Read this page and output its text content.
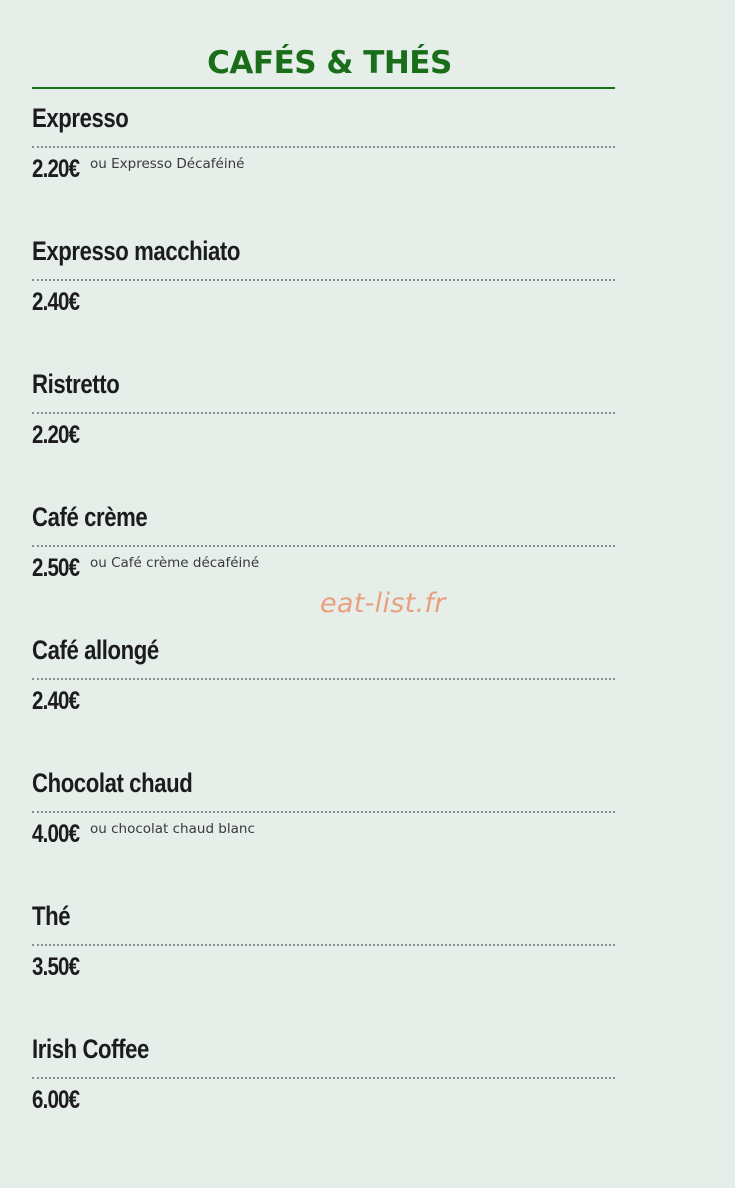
CAFÉS & THÉS
Expresso
2.20€ ou Expresso Décaféiné
Expresso macchiato
2.40€
Ristretto
2.20€
Café crème
2.50€ ou Café crème décaféiné
Café allongé
2.40€
Chocolat chaud
4.00€ ou chocolat chaud blanc
Thé
3.50€
Irish Coffee
6.00€
eat-list.fr
